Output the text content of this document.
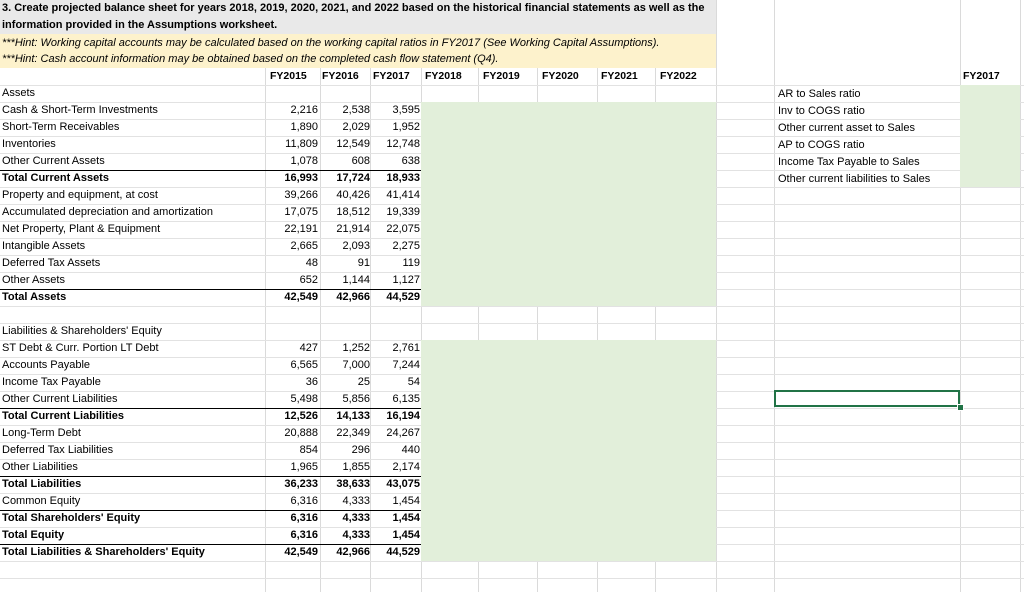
3. Create projected balance sheet for years 2018, 2019, 2020, 2021, and 2022 based on the historical financial statements as well as the
information provided in the Assumptions worksheet.
***Hint: Working capital accounts may be calculated based on the working capital ratios in FY2017 (See Working Capital Assumptions).
***Hint: Cash account information may be obtained based on the completed cash flow statement (Q4).
FY2015 FY2016 FY2017 FY2018 FY2019 FY2020 FY2021 FY2022	FY2017
Assets
Liabilities & Shareholders' Equity
Cash & Short-Term Investments	2,216	2,538	3,595
Short-Term Receivables	1,890	2,029	1,952
Inventories	11,809	12,549	12,748
Other Current Assets	1,078	608	638
Total Current Assets	16,993	17,724	18,933
Property and equipment, at cost	39,266	40,426	41,414
Accumulated depreciation and amortization	17,075	18,512	19,339
Net Property, Plant & Equipment	22,191	21,914	22,075
Intangible Assets	2,665	2,093	2,275
Deferred Tax Assets	48	91	119
Other Assets	652	1,144	1,127
Total Assets	42,549	42,966	44,529
ST Debt & Curr. Portion LT Debt	427	1,252	2,761
Accounts Payable	6,565	7,000	7,244
Income Tax Payable	36	25	54
Other Current Liabilities	5,498	5,856	6,135
Total Current Liabilities	12,526	14,133	16,194
Long-Term Debt	20,888	22,349	24,267
Deferred Tax Liabilities	854	296	440
Other Liabilities	1,965	1,855	2,174
Total Liabilities	36,233	38,633	43,075
Common Equity	6,316	4,333	1,454
Total Shareholders' Equity	6,316	4,333	1,454
Total Equity	6,316	4,333	1,454
Total Liabilities & Shareholders' Equity	42,549	42,966	44,529
AR to Sales ratio
Inv to COGS ratio
Other current asset to Sales
AP to COGS ratio
Income Tax Payable to Sales
Other current liabilities to Sales
